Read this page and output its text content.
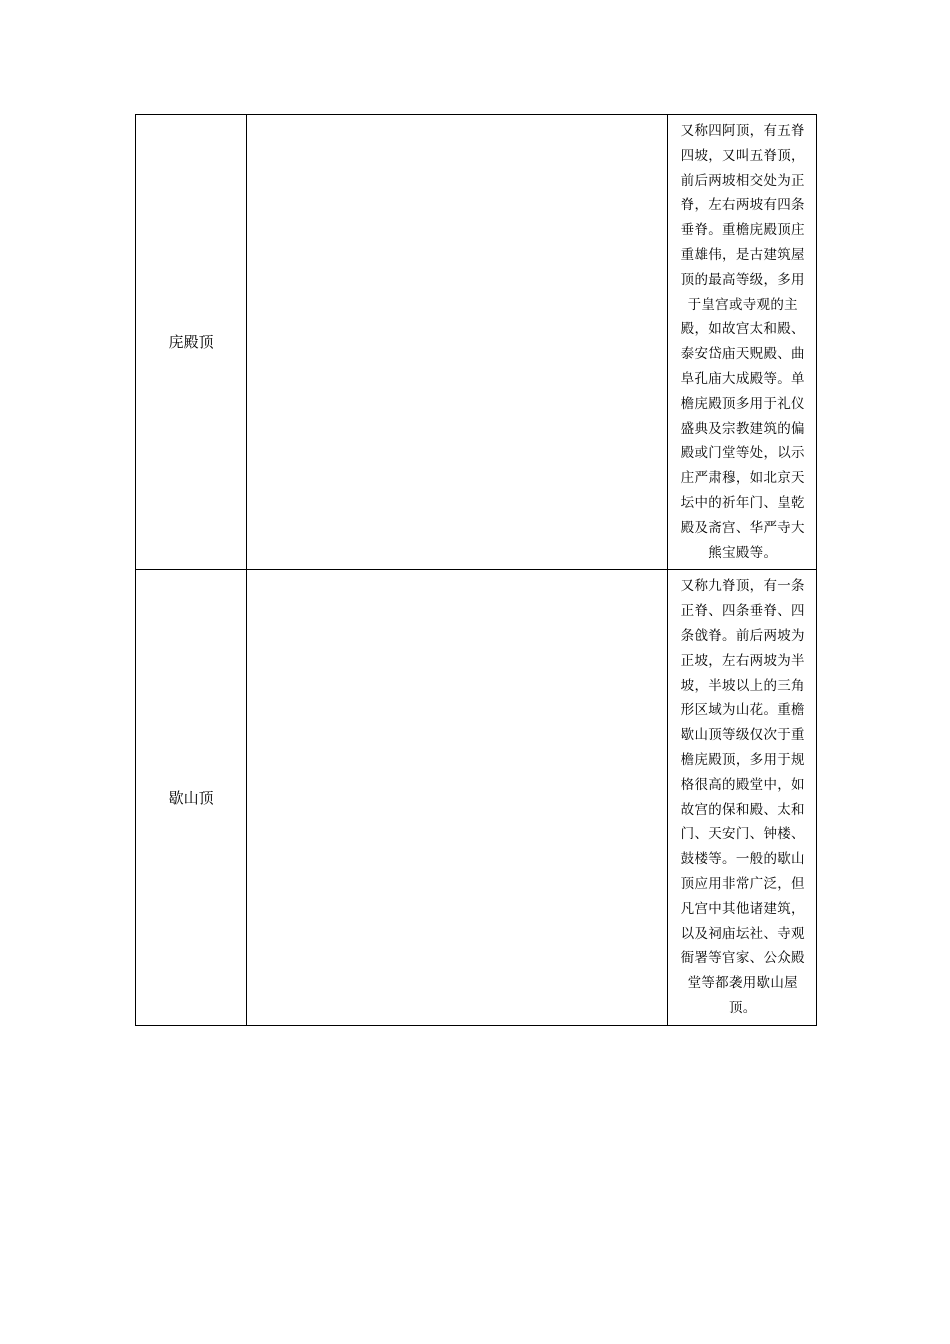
庑殿顶		又称四阿顶，有五脊四坡，又叫五脊顶，前后两坡相交处为正脊，左右两坡有四条垂脊。重檐庑殿顶庄重雄伟，是古建筑屋顶的最高等级，多用于皇宫或寺观的主殿，如故宫太和殿、泰安岱庙天贶殿、曲阜孔庙大成殿等。单檐庑殿顶多用于礼仪盛典及宗教建筑的偏殿或门堂等处，以示庄严肃穆，如北京天坛中的祈年门、皇乾殿及斋宫、华严寺大熊宝殿等。
歇山顶		又称九脊顶，有一条正脊、四条垂脊、四条戗脊。前后两坡为正坡，左右两坡为半坡，半坡以上的三角形区域为山花。重檐歇山顶等级仅次于重檐庑殿顶，多用于规格很高的殿堂中，如故宫的保和殿、太和门、天安门、钟楼、鼓楼等。一般的歇山顶应用非常广泛，但凡宫中其他诸建筑，以及祠庙坛社、寺观衙署等官家、公众殿堂等都袭用歇山屋顶。
